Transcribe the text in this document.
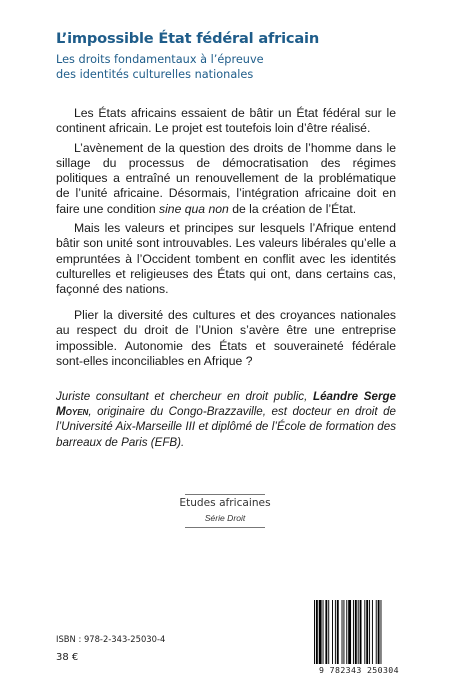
L’impossible État fédéral africain
Les droits fondamentaux à l’épreuve
des identités culturelles nationales

Les États africains essaient de bâtir un État fédéral sur le continent africain. Le projet est toutefois loin d’être réalisé.

L’avènement de la question des droits de l’homme dans le sillage du processus de démocratisation des régimes politiques a entraîné un renouvellement de la problématique de l’unité africaine. Désormais, l’intégration africaine doit en faire une condition sine qua non de la création de l’État.

Mais les valeurs et principes sur lesquels l’Afrique entend bâtir son unité sont introuvables. Les valeurs libérales qu’elle a empruntées à l’Occident tombent en conflit avec les identités culturelles et religieuses des États qui ont, dans certains cas, façonné des nations.

Plier la diversité des cultures et des croyances nationales au respect du droit de l’Union s’avère être une entreprise impossible. Autonomie des États et souveraineté fédérale sont-elles inconciliables en Afrique ?

Juriste consultant et chercheur en droit public, Léandre Serge Moyen, originaire du Congo-Brazzaville, est docteur en droit de l’Université Aix-Marseille III et diplômé de l’École de formation des barreaux de Paris (EFB).
Etudes africaines
Série Droit
ISBN : 978-2-343-25030-4
38 €
9 782343 250304
